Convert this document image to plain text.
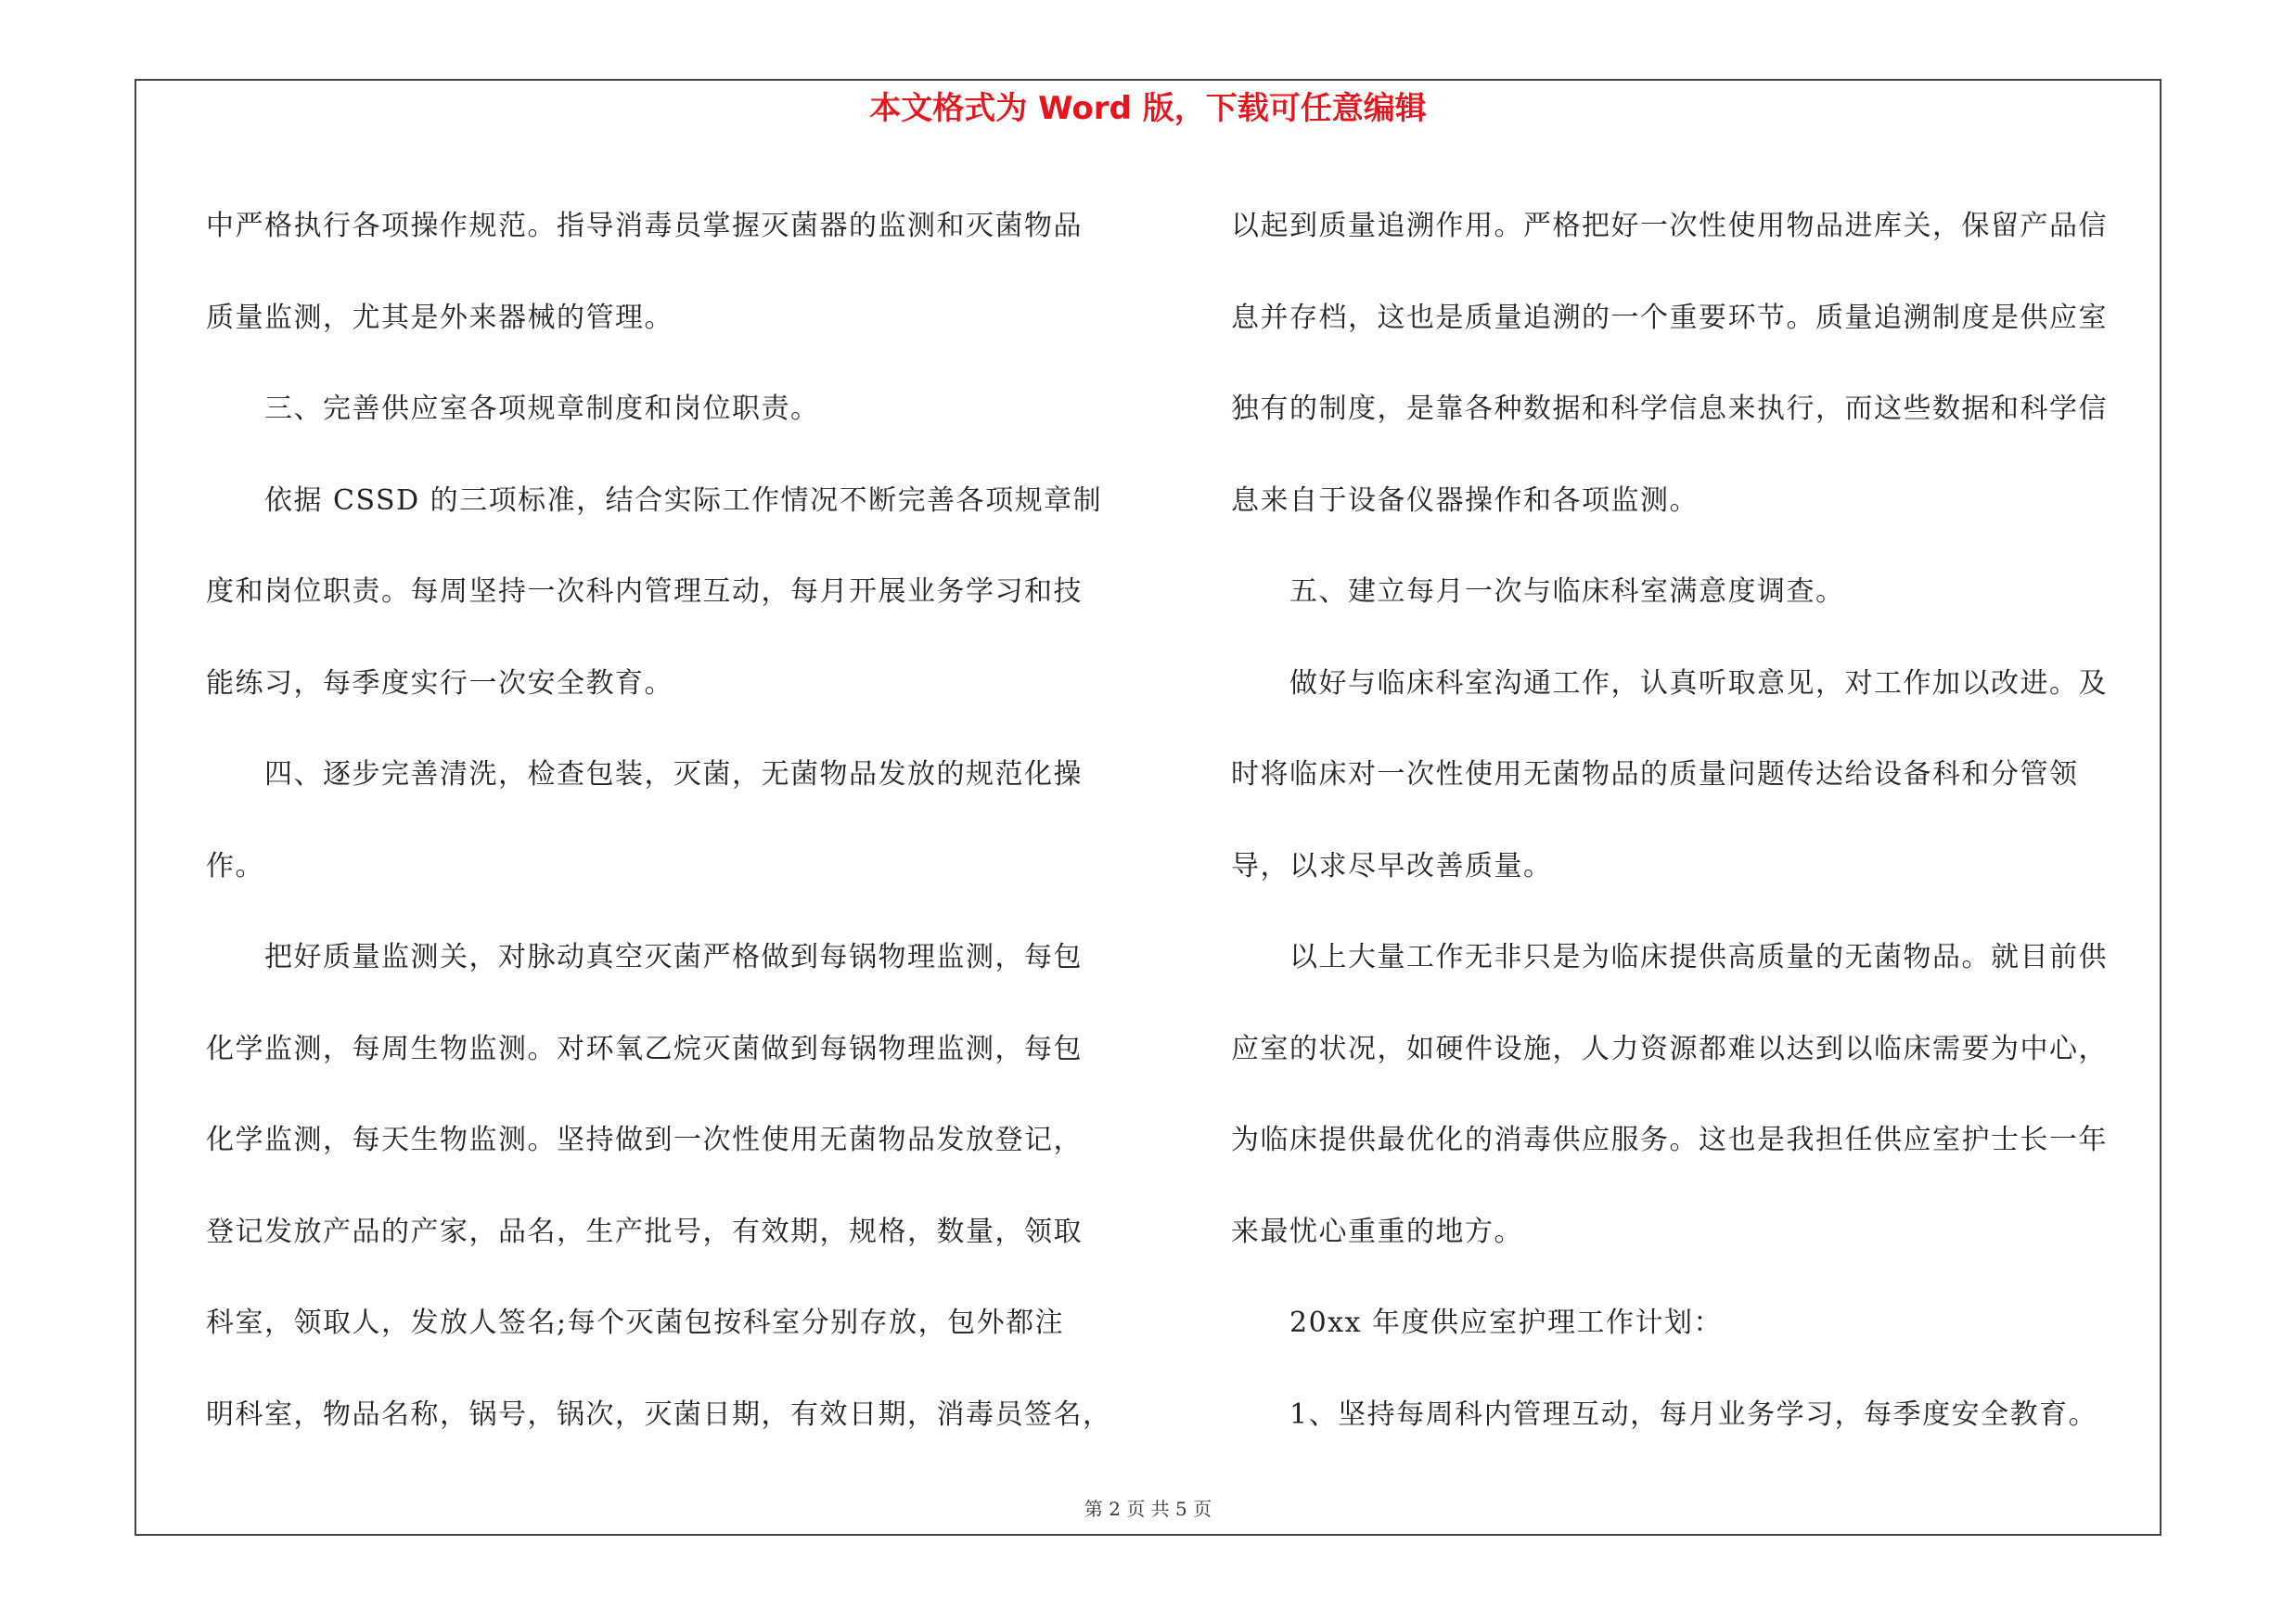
本文格式为 Word 版，下载可任意编辑
中严格执行各项操作规范。指导消毒员掌握灭菌器的监测和灭菌物品
质量监测，尤其是外来器械的管理。
　　三、完善供应室各项规章制度和岗位职责。
　　依据 CSSD 的三项标准，结合实际工作情况不断完善各项规章制
度和岗位职责。每周坚持一次科内管理互动，每月开展业务学习和技
能练习，每季度实行一次安全教育。
　　四、逐步完善清洗，检查包装，灭菌，无菌物品发放的规范化操
作。
　　把好质量监测关，对脉动真空灭菌严格做到每锅物理监测，每包
化学监测，每周生物监测。对环氧乙烷灭菌做到每锅物理监测，每包
化学监测，每天生物监测。坚持做到一次性使用无菌物品发放登记，
登记发放产品的产家，品名，生产批号，有效期，规格，数量，领取
科室，领取人，发放人签名;每个灭菌包按科室分别存放，包外都注
明科室，物品名称，锅号，锅次，灭菌日期，有效日期，消毒员签名，
以起到质量追溯作用。严格把好一次性使用物品进库关，保留产品信
息并存档，这也是质量追溯的一个重要环节。质量追溯制度是供应室
独有的制度，是靠各种数据和科学信息来执行，而这些数据和科学信
息来自于设备仪器操作和各项监测。
　　五、建立每月一次与临床科室满意度调查。
　　做好与临床科室沟通工作，认真听取意见，对工作加以改进。及
时将临床对一次性使用无菌物品的质量问题传达给设备科和分管领
导，以求尽早改善质量。
　　以上大量工作无非只是为临床提供高质量的无菌物品。就目前供
应室的状况，如硬件设施，人力资源都难以达到以临床需要为中心，
为临床提供最优化的消毒供应服务。这也是我担任供应室护士长一年
来最忧心重重的地方。
　　20xx 年度供应室护理工作计划：
　　1、坚持每周科内管理互动，每月业务学习，每季度安全教育。
第 2 页 共 5 页
